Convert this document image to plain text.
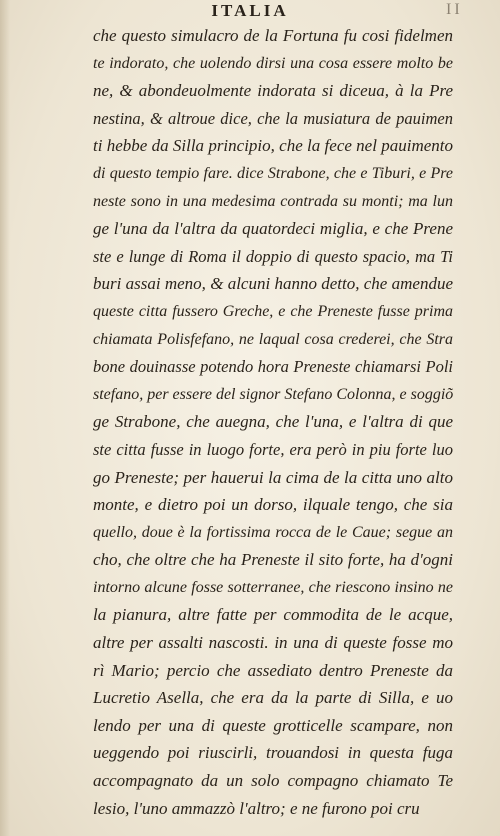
ITALIA	II
che questo simulacro de la Fortuna fu cosi fidelmen
te indorato, che uolendo dirsi una cosa essere molto be
ne, & abondeuolmente indorata si diceua, à la Pre
nestina, & altroue dice, che la musiatura de pauimen
ti hebbe da Silla principio, che la fece nel pauimento
di questo tempio fare. dice Strabone, che e Tiburi, e Pre
neste sono in una medesima contrada su monti; ma lun
ge l'una da l'altra da quatordeci miglia, e che Prene
ste e lunge di Roma il doppio di questo spacio, ma Ti
buri assai meno, & alcuni hanno detto, che amendue
queste citta fussero Greche, e che Preneste fusse prima
chiamata Polisfefano, ne laqual cosa crederei, che Stra
bone douinasse potendo hora Preneste chiamarsi Poli
stefano, per essere del signor Stefano Colonna, e soggiõ
ge Strabone, che auegna, che l'una, e l'altra di que
ste citta fusse in luogo forte, era però in piu forte luo
go Preneste; per hauerui la cima de la citta uno alto
monte, e dietro poi un dorso, ilquale tengo, che sia
quello, doue è la fortissima rocca de le Caue; segue an
cho, che oltre che ha Preneste il sito forte, ha d'ogni
intorno alcune fosse sotterranee, che riescono insino ne
la pianura, altre fatte per commodita de le acque,
altre per assalti nascosti. in una di queste fosse mo
rì Mario; percio che assediato dentro Preneste da
Lucretio Asella, che era da la parte di Silla, e uo
lendo per una di queste grotticelle scampare, non
ueggendo poi riuscirli, trouandosi in questa fuga
accompagnato da un solo compagno chiamato Te
lesio, l'uno ammazzò l'altro; e ne furono poi cru
